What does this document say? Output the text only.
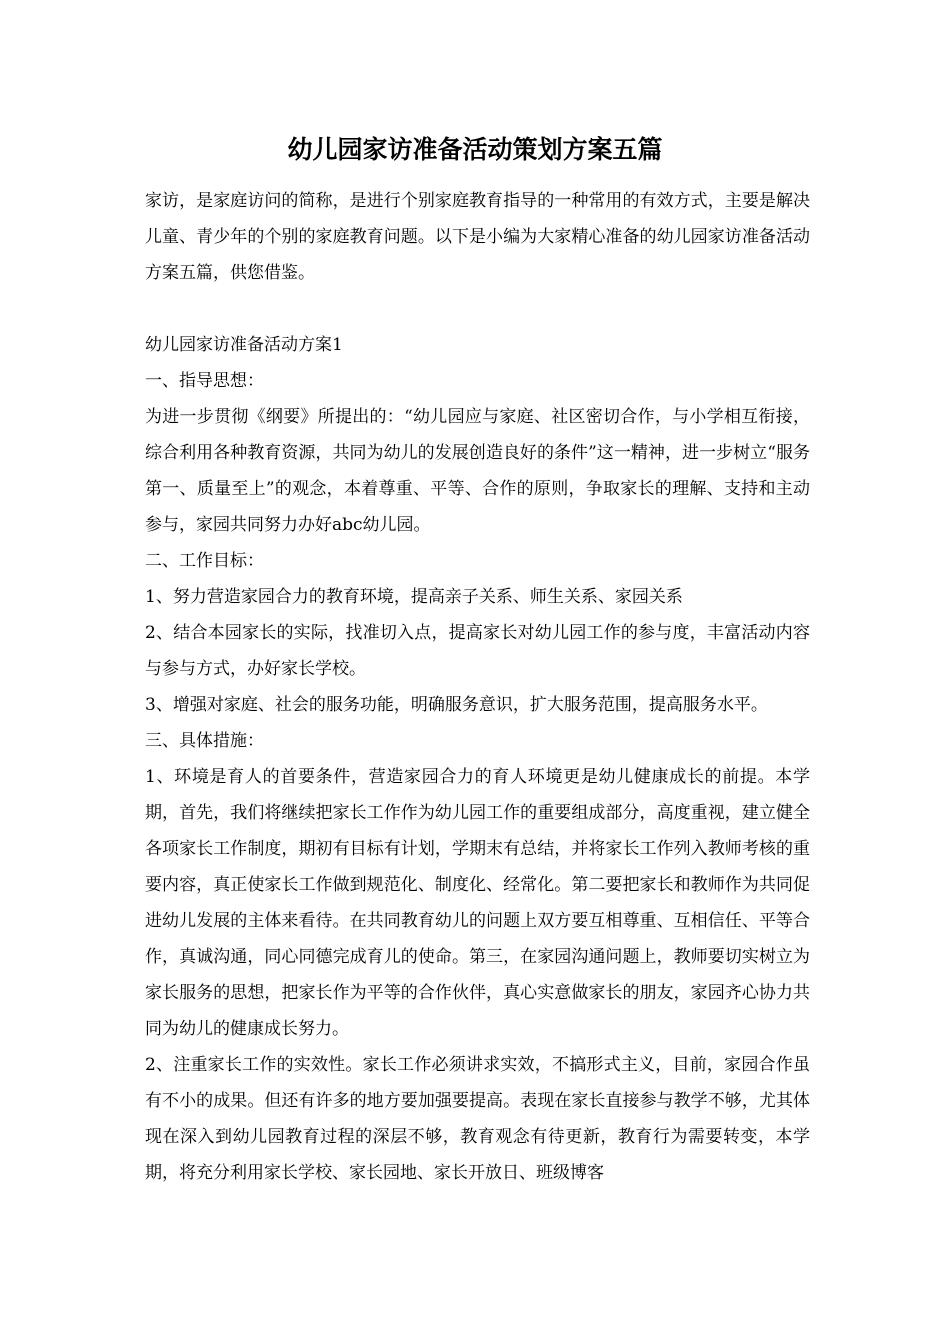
幼儿园家访准备活动策划方案五篇

家访，是家庭访问的简称，是进行个别家庭教育指导的一种常用的有效方式，主要是解决儿童、青少年的个别的家庭教育问题。以下是小编为大家精心准备的幼儿园家访准备活动方案五篇，供您借鉴。

幼儿园家访准备活动方案1

一、指导思想：

为进一步贯彻《纲要》所提出的：“幼儿园应与家庭、社区密切合作，与小学相互衔接，综合利用各种教育资源，共同为幼儿的发展创造良好的条件”这一精神，进一步树立“服务第一、质量至上”的观念，本着尊重、平等、合作的原则，争取家长的理解、支持和主动参与，家园共同努力办好abc幼儿园。

二、工作目标：

1、努力营造家园合力的教育环境，提高亲子关系、师生关系、家园关系

2、结合本园家长的实际，找准切入点，提高家长对幼儿园工作的参与度，丰富活动内容与参与方式，办好家长学校。

3、增强对家庭、社会的服务功能，明确服务意识，扩大服务范围，提高服务水平。

三、具体措施：

1、环境是育人的首要条件，营造家园合力的育人环境更是幼儿健康成长的前提。本学期，首先，我们将继续把家长工作作为幼儿园工作的重要组成部分，高度重视，建立健全各项家长工作制度，期初有目标有计划，学期末有总结，并将家长工作列入教师考核的重要内容，真正使家长工作做到规范化、制度化、经常化。第二要把家长和教师作为共同促进幼儿发展的主体来看待。在共同教育幼儿的问题上双方要互相尊重、互相信任、平等合作，真诚沟通，同心同德完成育儿的使命。第三，在家园沟通问题上，教师要切实树立为家长服务的思想，把家长作为平等的合作伙伴，真心实意做家长的朋友，家园齐心协力共同为幼儿的健康成长努力。

2、注重家长工作的实效性。家长工作必须讲求实效，不搞形式主义，目前，家园合作虽有不小的成果。但还有许多的地方要加强要提高。表现在家长直接参与教学不够，尤其体现在深入到幼儿园教育过程的深层不够，教育观念有待更新，教育行为需要转变，本学期，将充分利用家长学校、家长园地、家长开放日、班级博客
